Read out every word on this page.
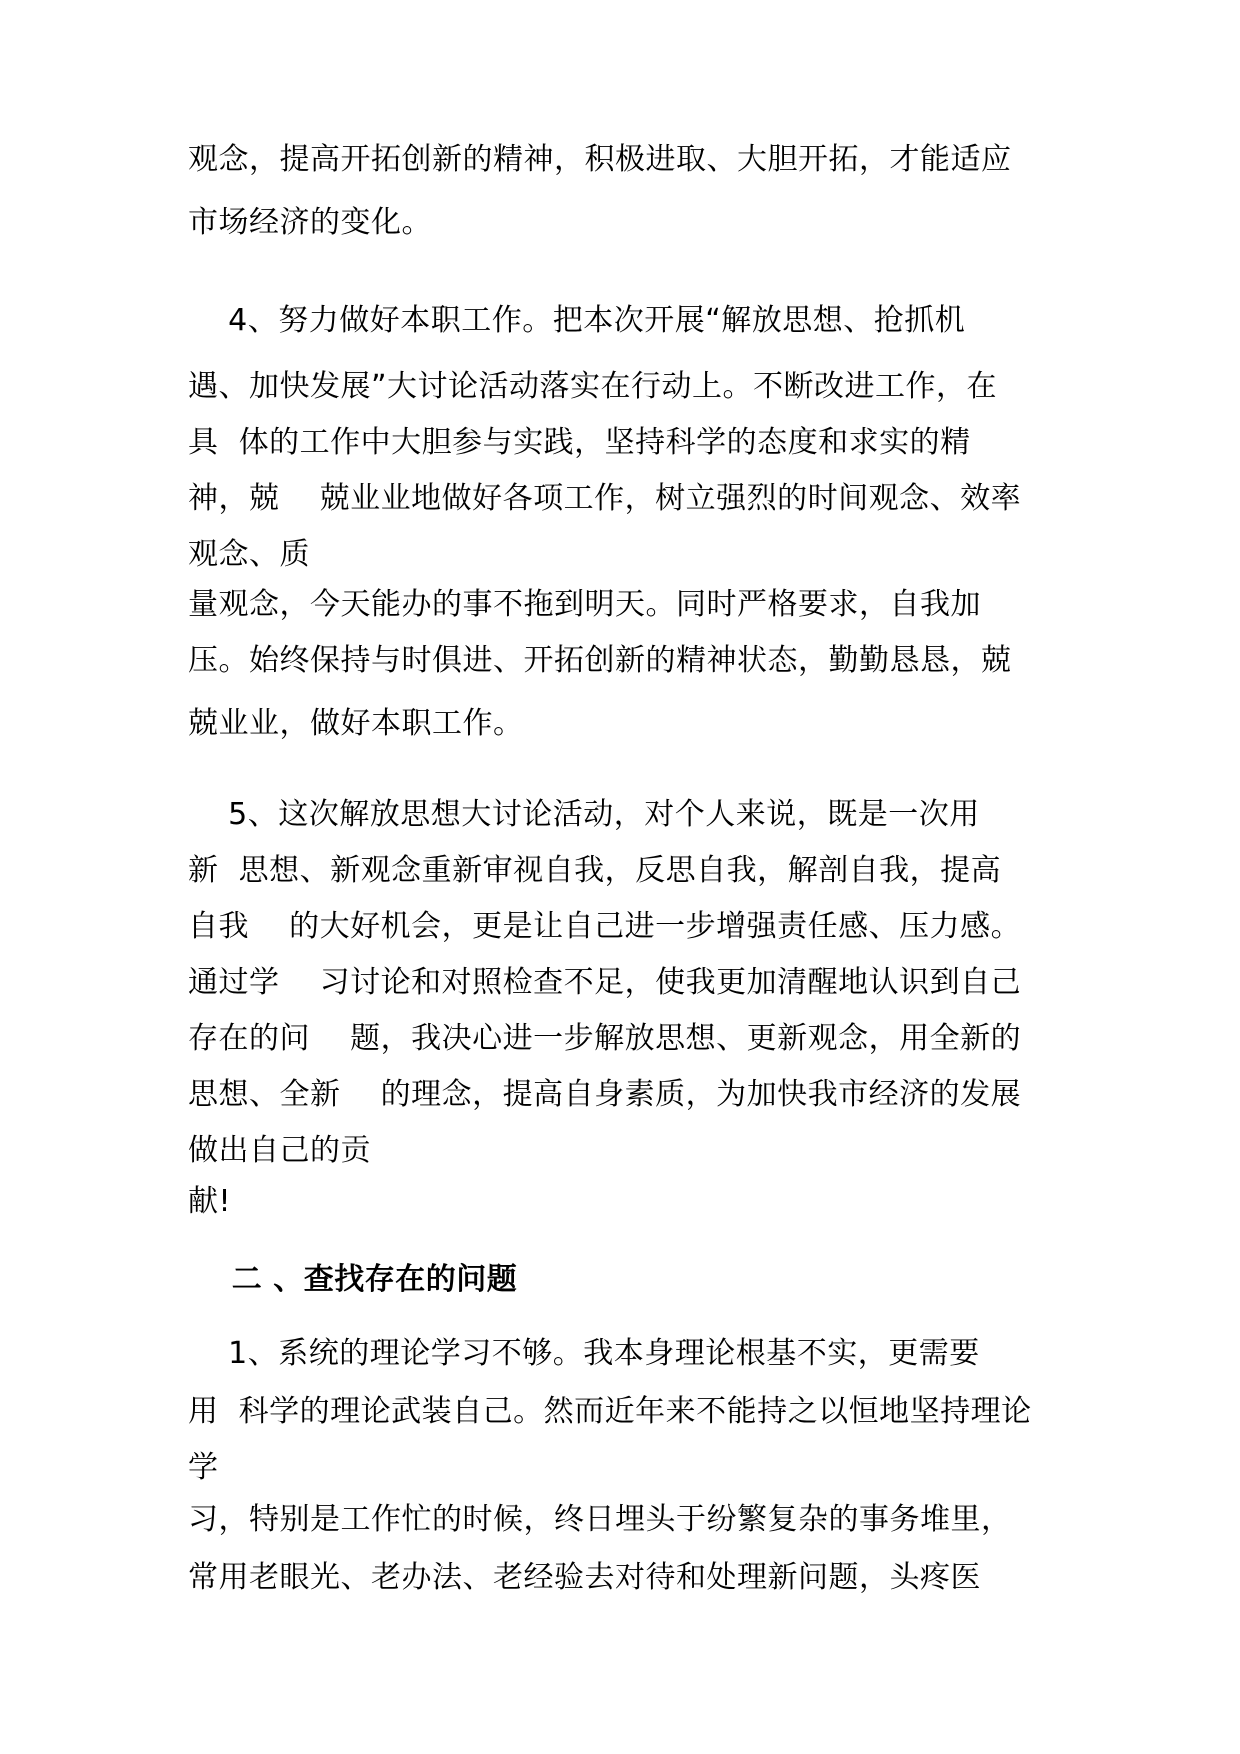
观念，提高开拓创新的精神，积极进取、大胆开拓，才能适应
市场经济的变化。
4、努力做好本职工作。把本次开展“解放思想、抢抓机
遇、加快发展”大讨论活动落实在行动上。不断改进工作，在
具  体的工作中大胆参与实践，坚持科学的态度和求实的精
神，兢    兢业业地做好各项工作，树立强烈的时间观念、效率
观念、质
量观念，今天能办的事不拖到明天。同时严格要求，自我加
压。始终保持与时俱进、开拓创新的精神状态，勤勤恳恳，兢
兢业业，做好本职工作。
5、这次解放思想大讨论活动，对个人来说，既是一次用
新  思想、新观念重新审视自我，反思自我，解剖自我，提高
自我    的大好机会，更是让自己进一步增强责任感、压力感。
通过学    习讨论和对照检查不足，使我更加清醒地认识到自己
存在的问    题，我决心进一步解放思想、更新观念，用全新的
思想、全新    的理念，提高自身素质，为加快我市经济的发展
做出自己的贡
献!
二 、查找存在的问题
1、系统的理论学习不够。我本身理论根基不实，更需要
用  科学的理论武装自己。然而近年来不能持之以恒地坚持理论
学
习，特别是工作忙的时候，终日埋头于纷繁复杂的事务堆里，
常用老眼光、老办法、老经验去对待和处理新问题，头疼医
